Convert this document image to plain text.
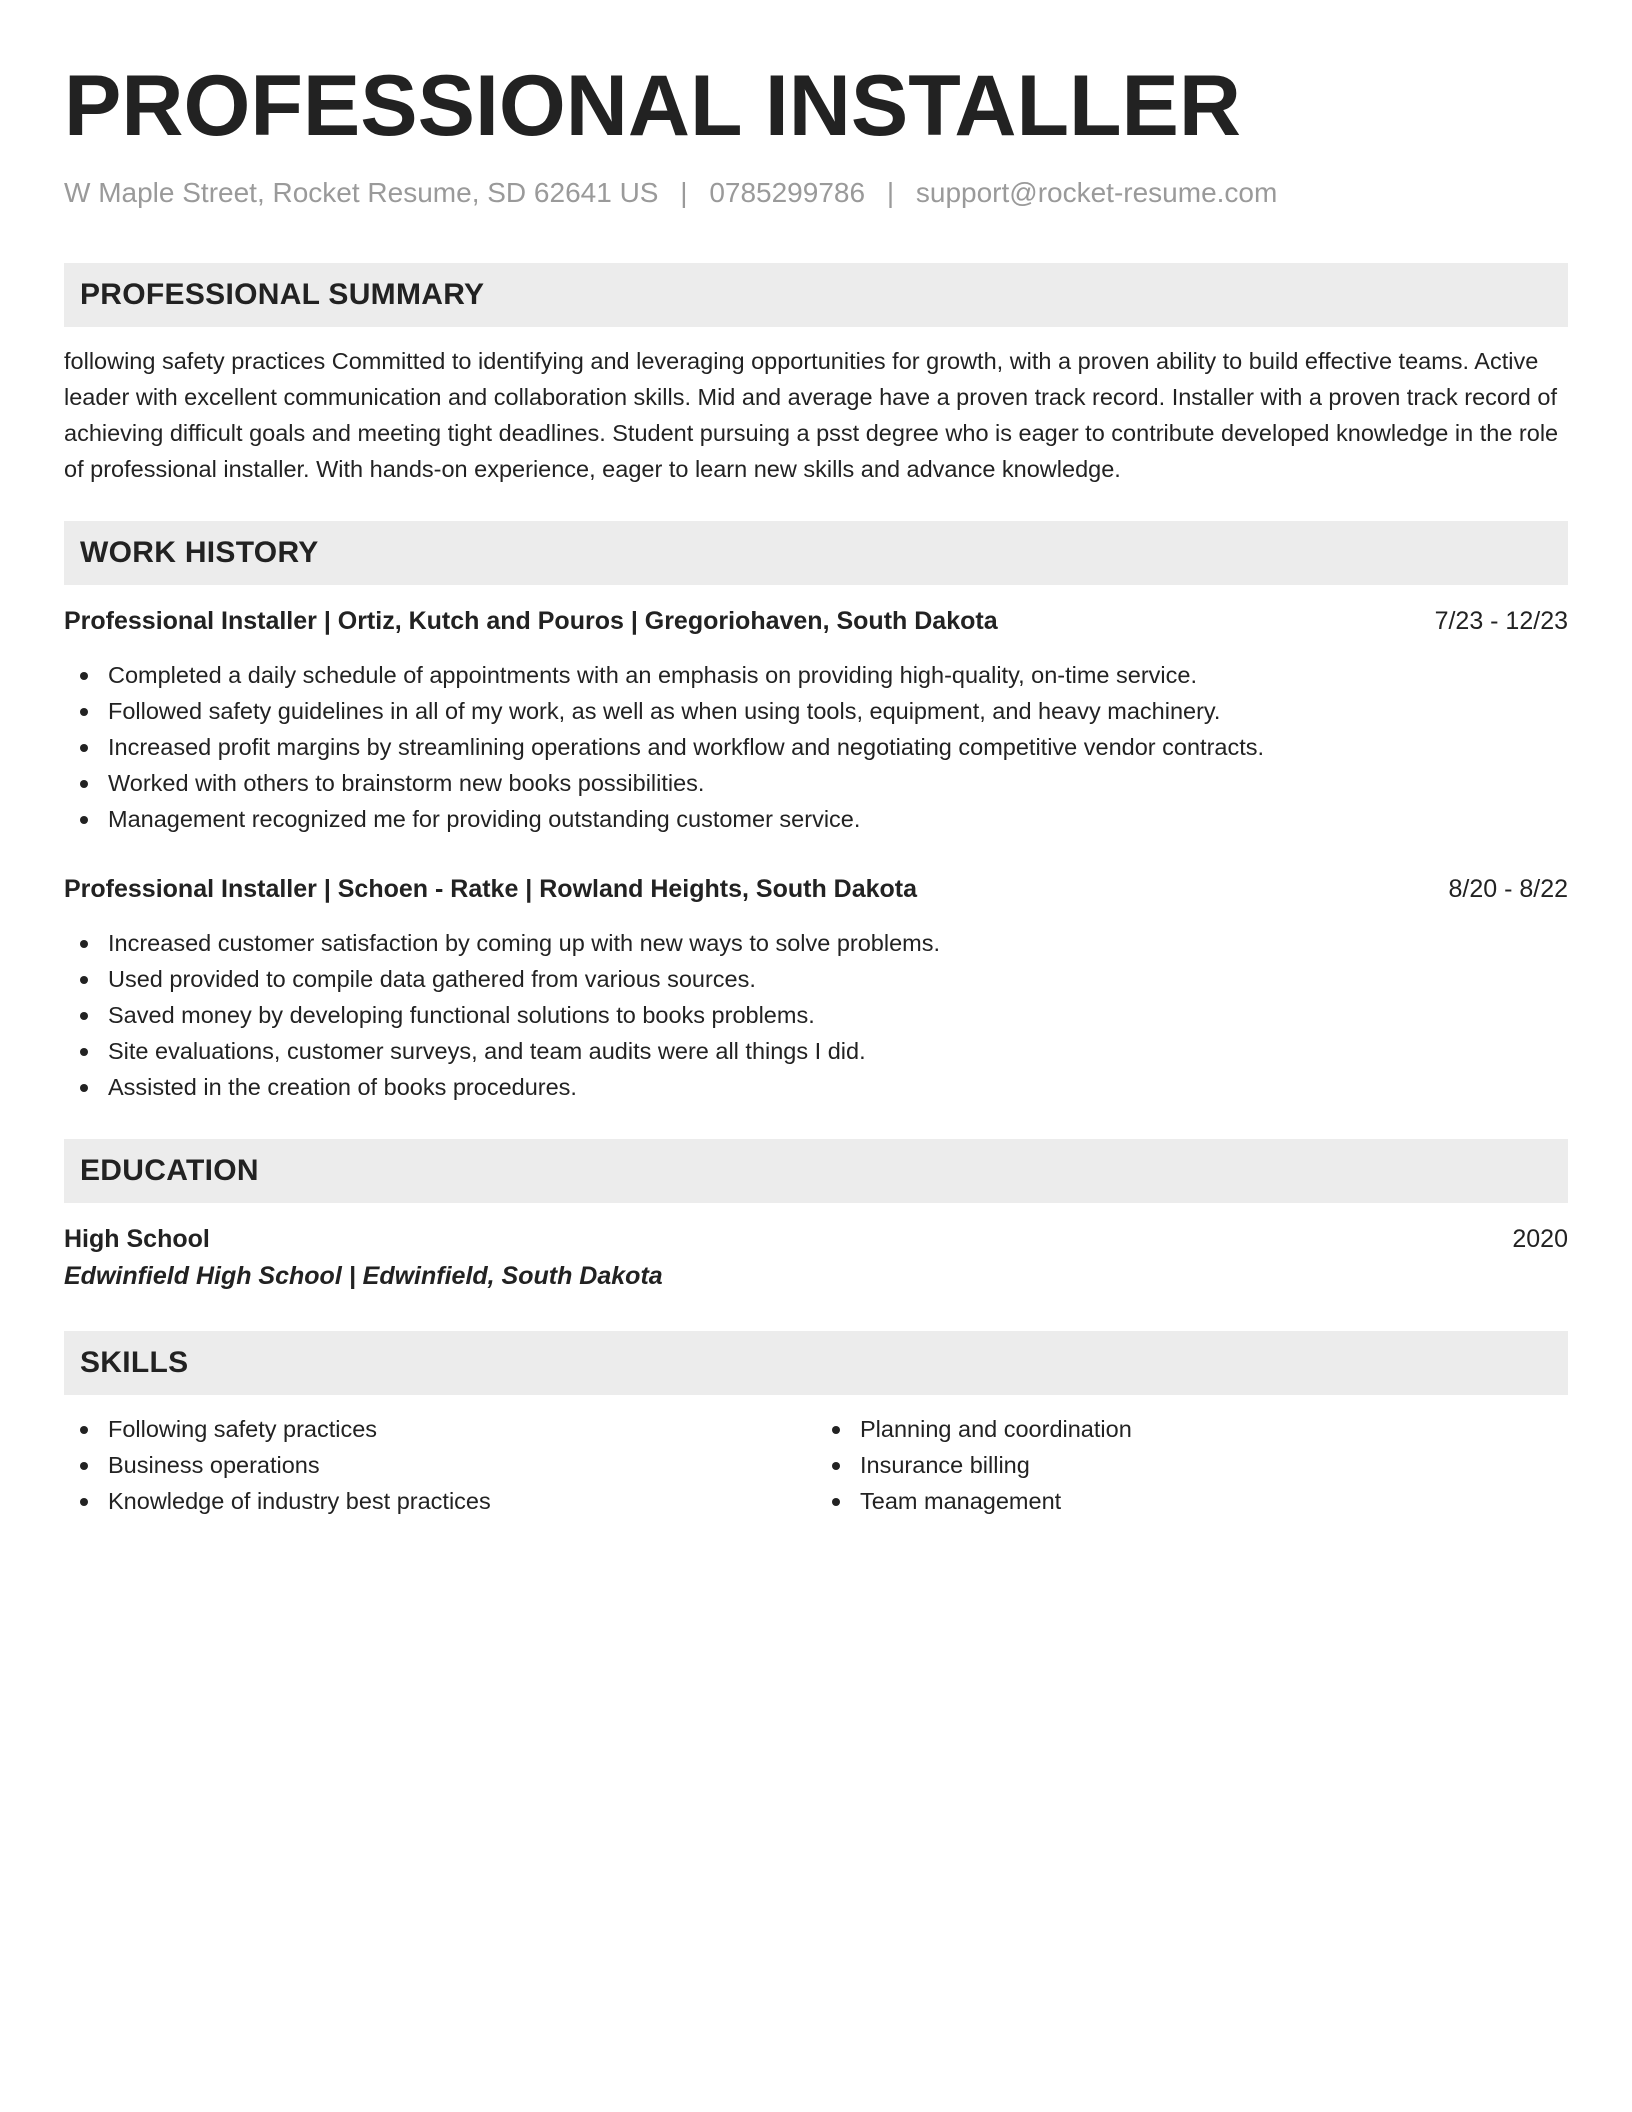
PROFESSIONAL INSTALLER
W Maple Street, Rocket Resume, SD 62641 US | 0785299786 | support@rocket-resume.com
PROFESSIONAL SUMMARY

following safety practices Committed to identifying and leveraging opportunities for growth, with a proven ability to build effective teams. Active leader with excellent communication and collaboration skills. Mid and average have a proven track record. Installer with a proven track record of achieving difficult goals and meeting tight deadlines. Student pursuing a psst degree who is eager to contribute developed knowledge in the role of professional installer. With hands-on experience, eager to learn new skills and advance knowledge.

WORK HISTORY
Professional Installer | Ortiz, Kutch and Pouros | Gregoriohaven, South Dakota	7/23 - 12/23
Completed a daily schedule of appointments with an emphasis on providing high-quality, on-time service.
Followed safety guidelines in all of my work, as well as when using tools, equipment, and heavy machinery.
Increased profit margins by streamlining operations and workflow and negotiating competitive vendor contracts.
Worked with others to brainstorm new books possibilities.
Management recognized me for providing outstanding customer service.
Professional Installer | Schoen - Ratke | Rowland Heights, South Dakota	8/20 - 8/22
Increased customer satisfaction by coming up with new ways to solve problems.
Used provided to compile data gathered from various sources.
Saved money by developing functional solutions to books problems.
Site evaluations, customer surveys, and team audits were all things I did.
Assisted in the creation of books procedures.
EDUCATION
High School	2020
Edwinfield High School | Edwinfield, South Dakota
SKILLS
Following safety practices
Business operations
Knowledge of industry best practices
Planning and coordination
Insurance billing
Team management
